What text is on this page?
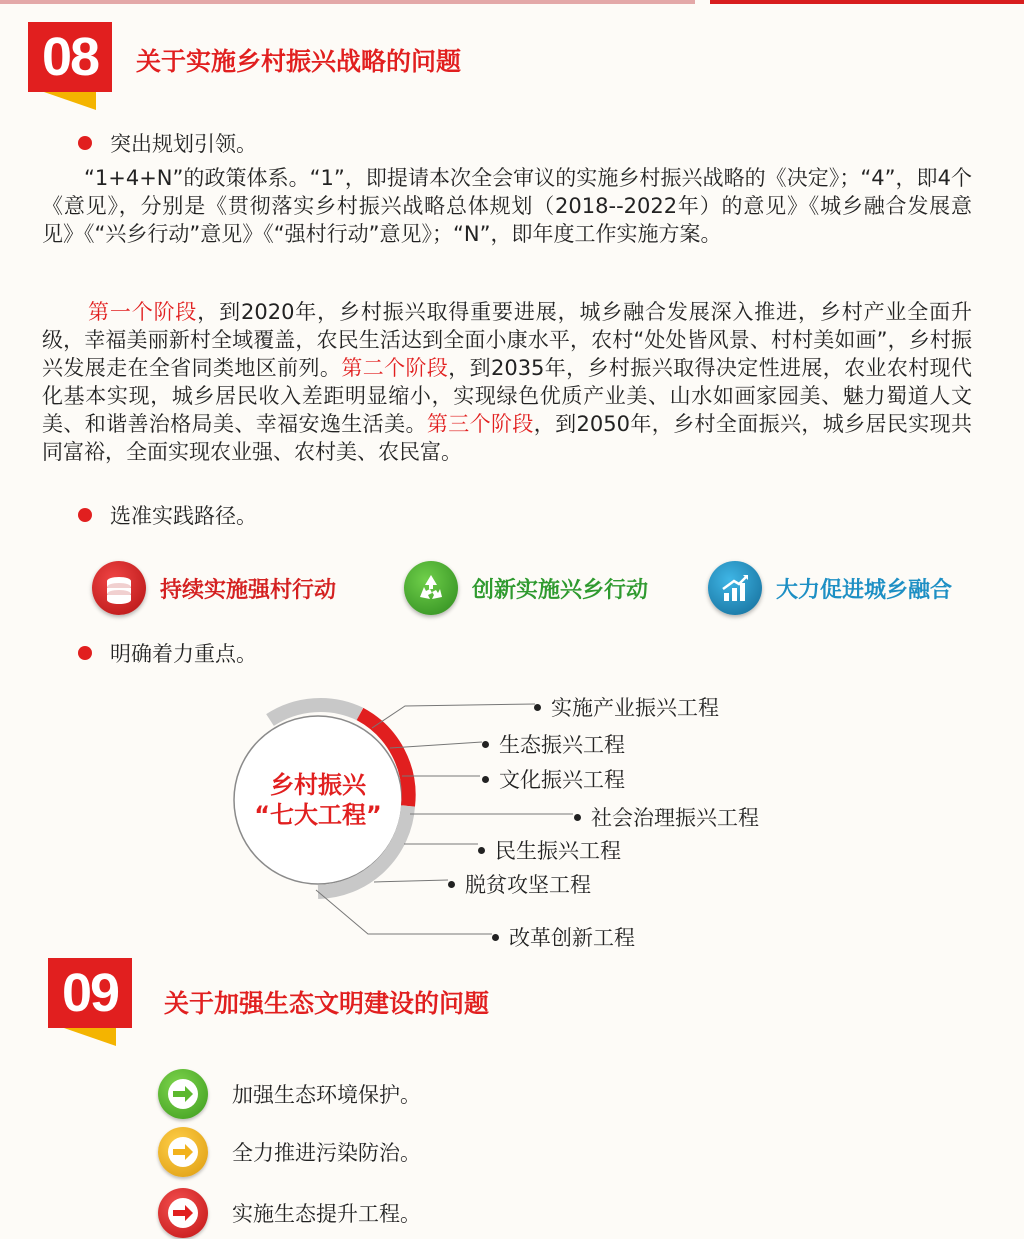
08	关于实施乡村振兴战略的问题
突出规划引领。

“1+4+N”的政策体系。“1”，即提请本次全会审议的实施乡村振兴战略的《决定》；“4”，即4个《意见》，分别是《贯彻落实乡村振兴战略总体规划（2018--2022年）的意见》《城乡融合发展意见》《“兴乡行动”意见》《“强村行动”意见》；“N”，即年度工作实施方案。

第一个阶段，到2020年，乡村振兴取得重要进展，城乡融合发展深入推进，乡村产业全面升级，幸福美丽新村全域覆盖，农民生活达到全面小康水平，农村“处处皆风景、村村美如画”，乡村振兴发展走在全省同类地区前列。第二个阶段，到2035年，乡村振兴取得决定性进展，农业农村现代化基本实现，城乡居民收入差距明显缩小，实现绿色优质产业美、山水如画家园美、魅力蜀道人文美、和谐善治格局美、幸福安逸生活美。第三个阶段，到2050年，乡村全面振兴，城乡居民实现共同富裕，全面实现农业强、农村美、农民富。

选准实践路径。
持续实施强村行动	创新实施兴乡行动	大力促进城乡融合
明确着力重点。
乡村振兴
“七大工程”
实施产业振兴工程
生态振兴工程
文化振兴工程
社会治理振兴工程
民生振兴工程
脱贫攻坚工程
改革创新工程
09	关于加强生态文明建设的问题
加强生态环境保护。
全力推进污染防治。
实施生态提升工程。
